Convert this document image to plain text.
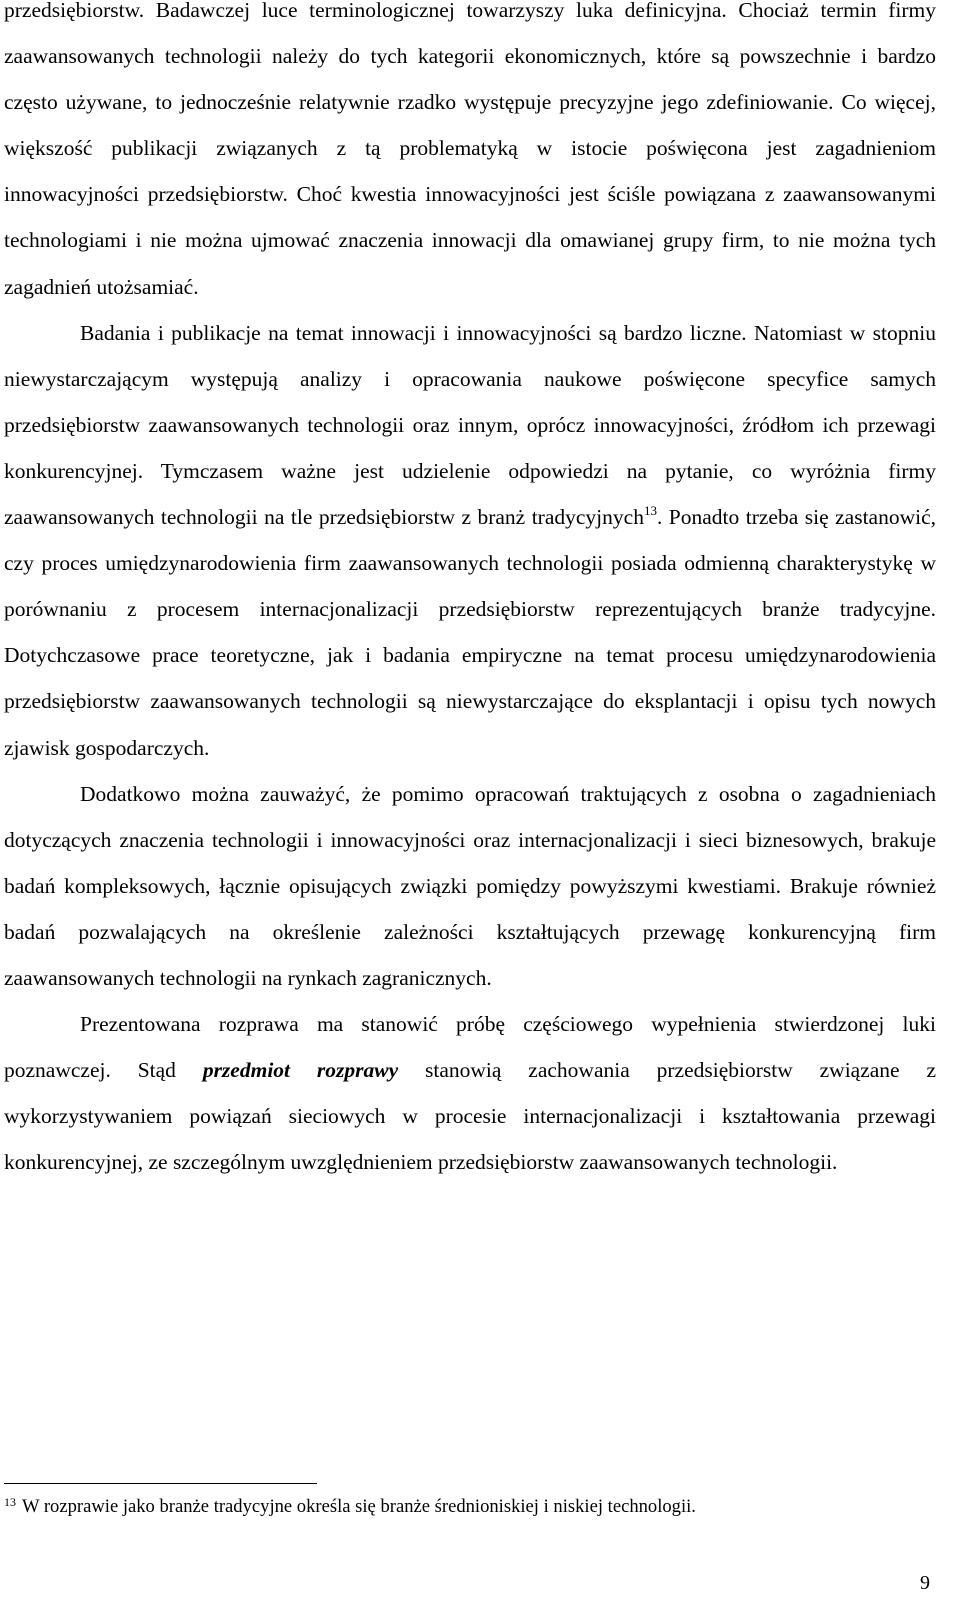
przedsiębiorstw. Badawczej luce terminologicznej towarzyszy luka definicyjna. Chociaż termin firmy zaawansowanych technologii należy do tych kategorii ekonomicznych, które są powszechnie i bardzo często używane, to jednocześnie relatywnie rzadko występuje precyzyjne jego zdefiniowanie. Co więcej, większość publikacji związanych z tą problematyką w istocie poświęcona jest zagadnieniom innowacyjności przedsiębiorstw. Choć kwestia innowacyjności jest ściśle powiązana z zaawansowanymi technologiami i nie można ujmować znaczenia innowacji dla omawianej grupy firm, to nie można tych zagadnień utożsamiać.

Badania i publikacje na temat innowacji i innowacyjności są bardzo liczne. Natomiast w stopniu niewystarczającym występują analizy i opracowania naukowe poświęcone specyfice samych przedsiębiorstw zaawansowanych technologii oraz innym, oprócz innowacyjności, źródłom ich przewagi konkurencyjnej. Tymczasem ważne jest udzielenie odpowiedzi na pytanie, co wyróżnia firmy zaawansowanych technologii na tle przedsiębiorstw z branż tradycyjnych$^{13}$. Ponadto trzeba się zastanowić, czy proces umiędzynarodowienia firm zaawansowanych technologii posiada odmienną charakterystykę w porównaniu z procesem internacjonalizacji przedsiębiorstw reprezentujących branże tradycyjne. Dotychczasowe prace teoretyczne, jak i badania empiryczne na temat procesu umiędzynarodowienia przedsiębiorstw zaawansowanych technologii są niewystarczające do eksplantacji i opisu tych nowych zjawisk gospodarczych.

Dodatkowo można zauważyć, że pomimo opracowań traktujących z osobna o zagadnieniach dotyczących znaczenia technologii i innowacyjności oraz internacjonalizacji i sieci biznesowych, brakuje badań kompleksowych, łącznie opisujących związki pomiędzy powyższymi kwestiami. Brakuje również badań pozwalających na określenie zależności kształtujących przewagę konkurencyjną firm zaawansowanych technologii na rynkach zagranicznych.

Prezentowana rozprawa ma stanowić próbę częściowego wypełnienia stwierdzonej luki poznawczej. Stąd przedmiot rozprawy stanowią zachowania przedsiębiorstw związane z wykorzystywaniem powiązań sieciowych w procesie internacjonalizacji i kształtowania przewagi konkurencyjnej, ze szczególnym uwzględnieniem przedsiębiorstw zaawansowanych technologii.

$^{13}$ W rozprawie jako branże tradycyjne określa się branże średnioniskiej i niskiej technologii.
9
